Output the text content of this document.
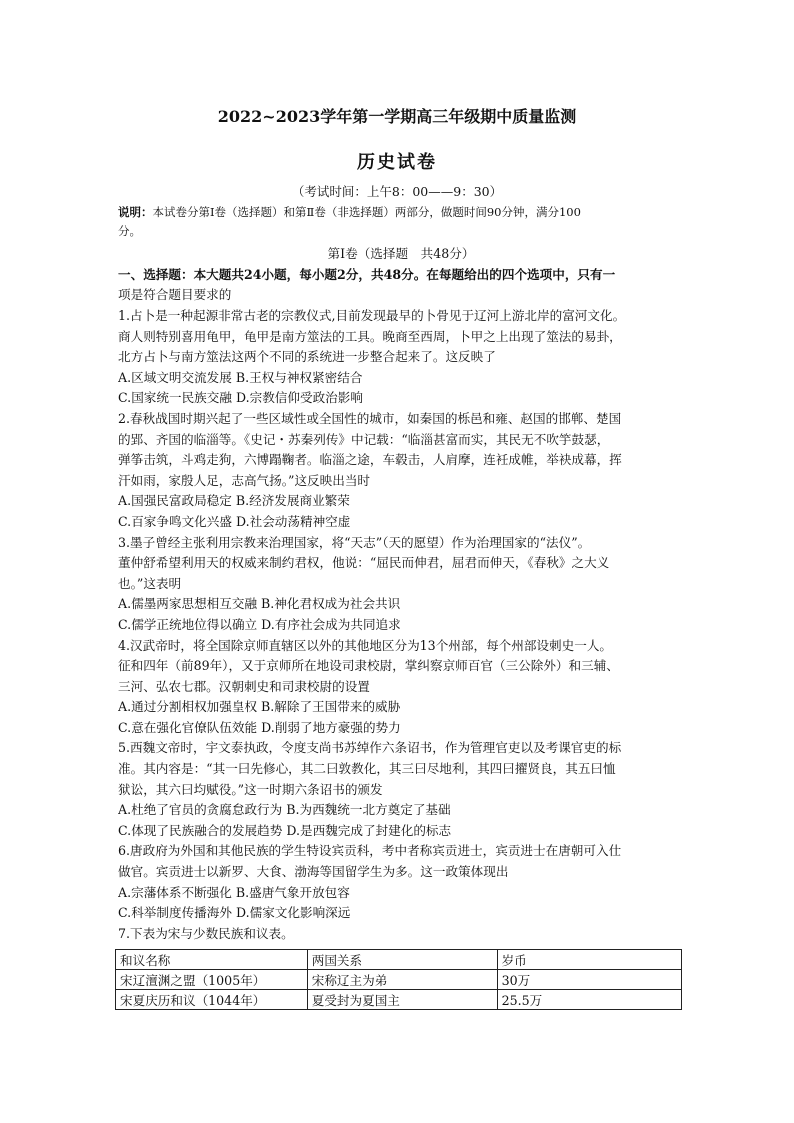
2022~2023学年第一学期高三年级期中质量监测
历史试卷
（考试时间：上午8：00——9：30）
说明：本试卷分第Ⅰ卷（选择题）和第Ⅱ卷（非选择题）两部分，做题时间90分钟，满分100
分。
第Ⅰ卷（选择题　共48分）
一、选择题：本大题共24小题，每小题2分，共48分。在每题给出的四个选项中，只有一
项是符合题目要求的
1.占卜是一种起源非常古老的宗教仪式,目前发现最早的卜骨见于辽河上游北岸的富河文化。
商人则特别喜用龟甲，龟甲是南方筮法的工具。晚商至西周，卜甲之上出现了筮法的易卦，
北方占卜与南方筮法这两个不同的系统进一步整合起来了。这反映了
A.区域文明交流发展 B.王权与神权紧密结合
C.国家统一民族交融 D.宗教信仰受政治影响
2.春秋战国时期兴起了一些区域性或全国性的城市，如秦国的栎邑和雍、赵国的邯郸、楚国
的郢、齐国的临淄等。《史记・苏秦列传》中记载：“临淄甚富而实，其民无不吹竽鼓瑟，
弹筝击筑，斗鸡走狗，六博蹋鞠者。临淄之途，车毂击，人肩摩，连衽成帷，举袂成幕，挥
汗如雨，家殷人足，志高气扬。”这反映出当时
A.国强民富政局稳定 B.经济发展商业繁荣
C.百家争鸣文化兴盛 D.社会动荡精神空虚
3.墨子曾经主张利用宗教来治理国家，将“天志”（天的愿望）作为治理国家的“法仪”。
董仲舒希望利用天的权威来制约君权，他说：“屈民而伸君，屈君而伸天，《春秋》之大义
也。”这表明
A.儒墨两家思想相互交融 B.神化君权成为社会共识
C.儒学正统地位得以确立 D.有序社会成为共同追求
4.汉武帝时，将全国除京师直辖区以外的其他地区分为13个州部，每个州部设刺史一人。
征和四年（前89年），又于京师所在地设司隶校尉，掌纠察京师百官（三公除外）和三辅、
三河、弘农七郡。汉朝刺史和司隶校尉的设置
A.通过分割相权加强皇权 B.解除了王国带来的威胁
C.意在强化官僚队伍效能 D.削弱了地方豪强的势力
5.西魏文帝时，宇文泰执政，令度支尚书苏绰作六条诏书，作为管理官吏以及考课官吏的标
准。其内容是：“其一曰先修心，其二曰敦教化，其三曰尽地利，其四曰擢贤良，其五曰恤
狱讼，其六曰均赋役。”这一时期六条诏书的颁发
A.杜绝了官员的贪腐怠政行为 B.为西魏统一北方奠定了基础
C.体现了民族融合的发展趋势 D.是西魏完成了封建化的标志
6.唐政府为外国和其他民族的学生特设宾贡科，考中者称宾贡进士，宾贡进士在唐朝可入仕
做官。宾贡进士以新罗、大食、渤海等国留学生为多。这一政策体现出
A.宗藩体系不断强化 B.盛唐气象开放包容
C.科举制度传播海外 D.儒家文化影响深远
7.下表为宋与少数民族和议表。
和议名称	两国关系	岁币
宋辽澶渊之盟（1005年）	宋称辽主为弟	30万
宋夏庆历和议（1044年）	夏受封为夏国主	25.5万
